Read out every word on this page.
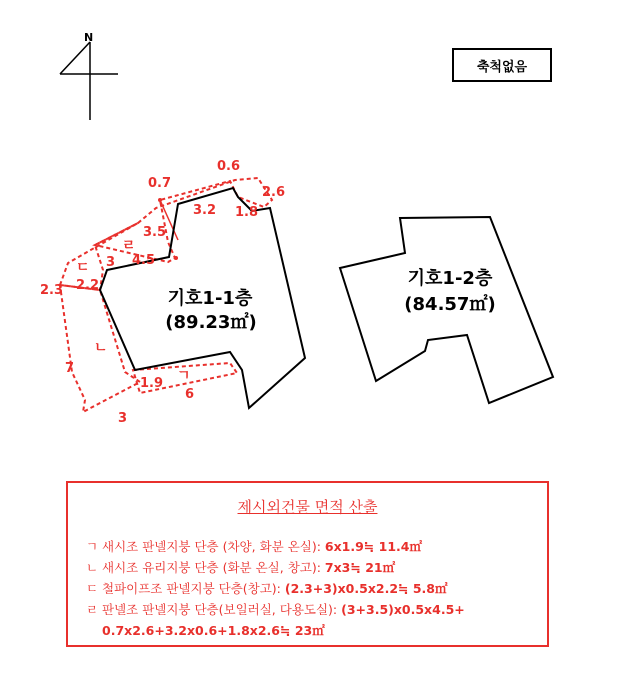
N
기호1-1층
(89.23㎡)
기호1-2층
(84.57㎡)
0.6
0.7
2.6
3.2 1.8
3.5
4.5
3
2.3 2.2
7
1.9
6
3
ㄹ
ㄷ
ㄴ
ㄱ
축척없음
제시외건물 면적 산출
ㄱ 새시조 판넬지붕 단층 (차양, 화분 온실): 6x1.9≒ 11.4㎡
ㄴ 새시조 유리지붕 단층 (화분 온실, 창고): 7x3≒ 21㎡
ㄷ 철파이프조 판넬지붕 단층(창고): (2.3+3)x0.5x2.2≒ 5.8㎡
ㄹ 판넬조 판넬지붕 단층(보일러실, 다용도실): (3+3.5)x0.5x4.5+
0.7x2.6+3.2x0.6+1.8x2.6≒ 23㎡
